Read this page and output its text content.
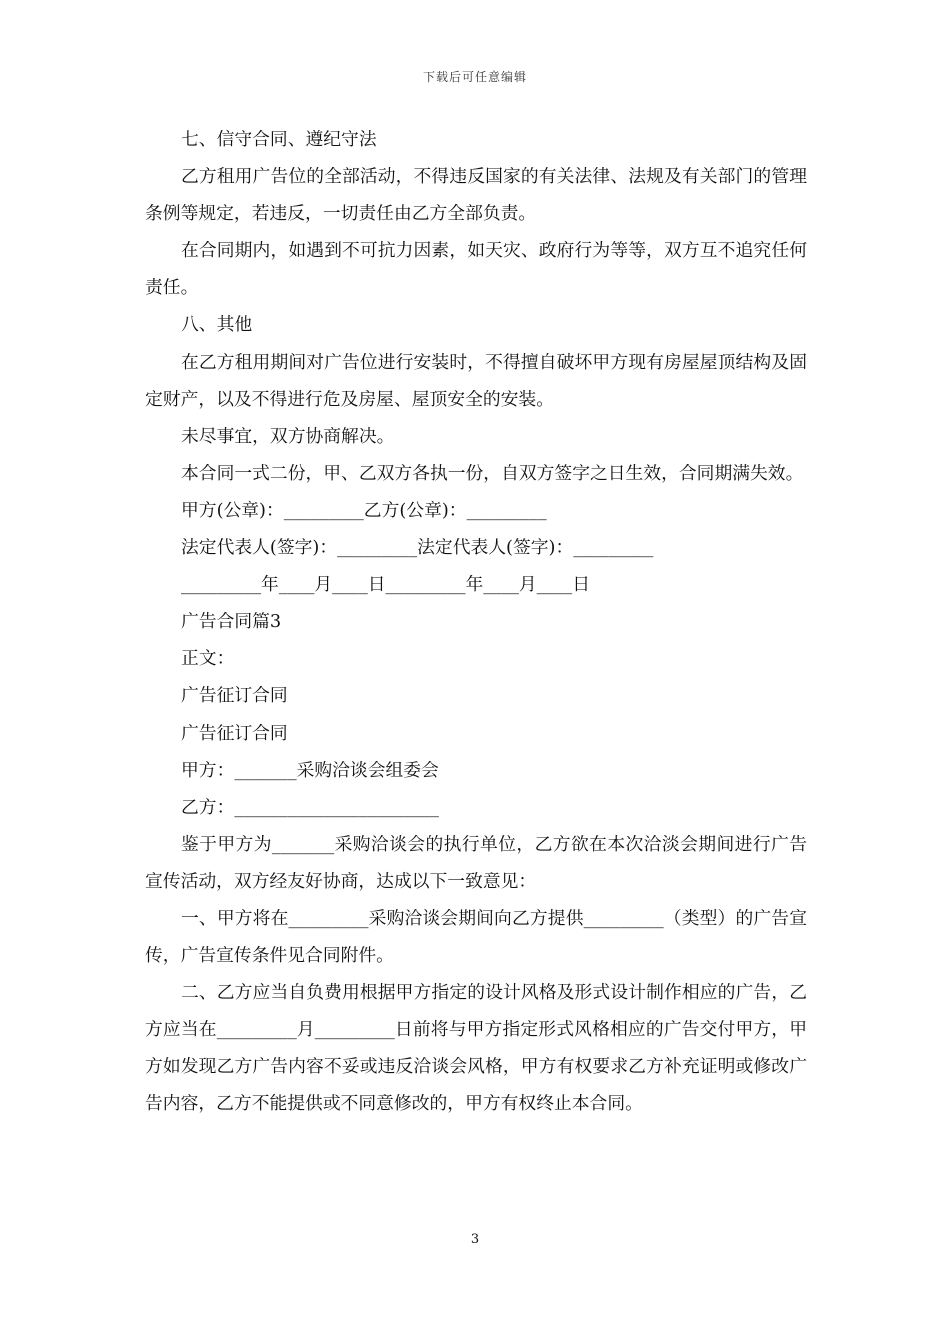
下载后可任意编辑

七、信守合同、遵纪守法

乙方租用广告位的全部活动，不得违反国家的有关法律、法规及有关部门的管理条例等规定，若违反，一切责任由乙方全部负责。

在合同期内，如遇到不可抗力因素，如天灾、政府行为等等，双方互不追究任何责任。

八、其他

在乙方租用期间对广告位进行安装时，不得擅自破坏甲方现有房屋屋顶结构及固定财产，以及不得进行危及房屋、屋顶安全的安装。

未尽事宜，双方协商解决。

本合同一式二份，甲、乙双方各执一份，自双方签字之日生效，合同期满失效。

甲方(公章)：_________乙方(公章)：_________

法定代表人(签字)：_________法定代表人(签字)：_________

_________年____月____日_________年____月____日

广告合同篇3

正文：

广告征订合同

广告征订合同

甲方：_______采购洽谈会组委会

乙方：_______________________

鉴于甲方为_______采购洽谈会的执行单位，乙方欲在本次洽淡会期间进行广告宣传活动，双方经友好协商，达成以下一致意见：

一、甲方将在_________采购洽谈会期间向乙方提供_________（类型）的广告宣传，广告宣传条件见合同附件。

二、乙方应当自负费用根据甲方指定的设计风格及形式设计制作相应的广告，乙方应当在_________月_________日前将与甲方指定形式风格相应的广告交付甲方，甲方如发现乙方广告内容不妥或违反洽谈会风格，甲方有权要求乙方补充证明或修改广告内容，乙方不能提供或不同意修改的，甲方有权终止本合同。

3
